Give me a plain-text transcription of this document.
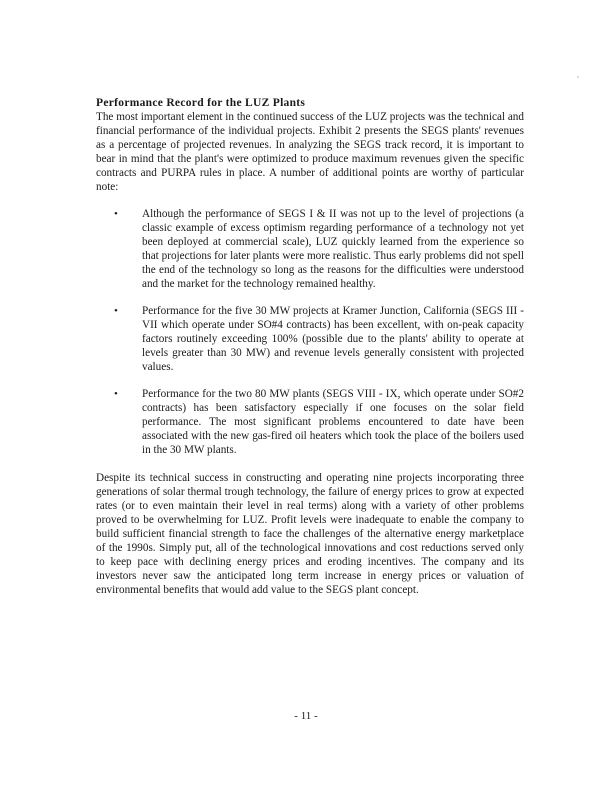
Performance Record for the LUZ Plants

The most important element in the continued success of the LUZ projects was the technical and financial performance of the individual projects. Exhibit 2 presents the SEGS plants' revenues as a percentage of projected revenues. In analyzing the SEGS track record, it is important to bear in mind that the plant's were optimized to produce maximum revenues given the specific contracts and PURPA rules in place. A number of additional points are worthy of particular note:

• Although the performance of SEGS I & II was not up to the level of projections (a classic example of excess optimism regarding performance of a technology not yet been deployed at commercial scale), LUZ quickly learned from the experience so that projections for later plants were more realistic. Thus early problems did not spell the end of the technology so long as the reasons for the difficulties were understood and the market for the technology remained healthy.

• Performance for the five 30 MW projects at Kramer Junction, California (SEGS III - VII which operate under SO#4 contracts) has been excellent, with on-peak capacity factors routinely exceeding 100% (possible due to the plants' ability to operate at levels greater than 30 MW) and revenue levels generally consistent with projected values.

• Performance for the two 80 MW plants (SEGS VIII - IX, which operate under SO#2 contracts) has been satisfactory especially if one focuses on the solar field performance. The most significant problems encountered to date have been associated with the new gas-fired oil heaters which took the place of the boilers used in the 30 MW plants.

Despite its technical success in constructing and operating nine projects incorporating three generations of solar thermal trough technology, the failure of energy prices to grow at expected rates (or to even maintain their level in real terms) along with a variety of other problems proved to be overwhelming for LUZ. Profit levels were inadequate to enable the company to build sufficient financial strength to face the challenges of the alternative energy marketplace of the 1990s. Simply put, all of the technological innovations and cost reductions served only to keep pace with declining energy prices and eroding incentives. The company and its investors never saw the anticipated long term increase in energy prices or valuation of environmental benefits that would add value to the SEGS plant concept.

- 11 -
